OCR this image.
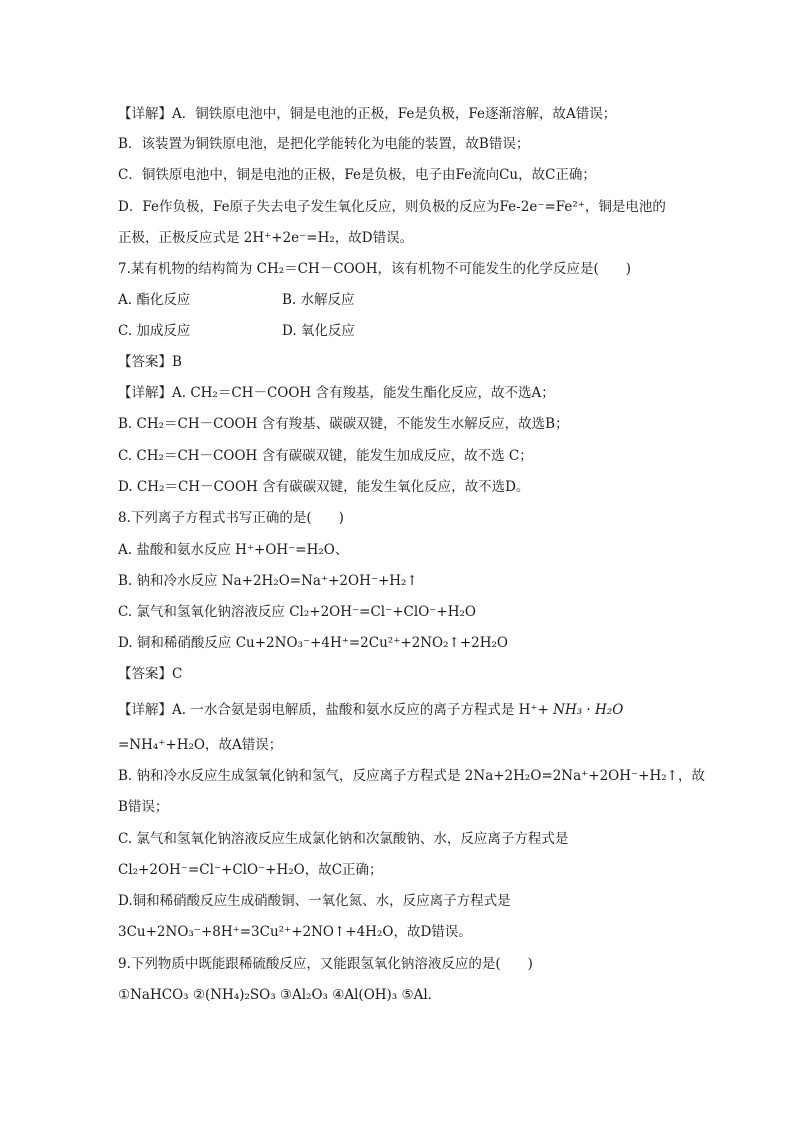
【详解】A．铜铁原电池中，铜是电池的正极，Fe是负极，Fe逐渐溶解，故A错误；
B．该装置为铜铁原电池，是把化学能转化为电能的装置，故B错误；
C．铜铁原电池中，铜是电池的正极，Fe是负极，电子由Fe流向Cu，故C正确；
D．Fe作负极，Fe原子失去电子发生氧化反应，则负极的反应为Fe-2e⁻=Fe²⁺，铜是电池的
正极，正极反应式是 2H⁺+2e⁻=H₂，故D错误。
7.某有机物的结构简为 CH₂＝CH－COOH，该有机物不可能发生的化学反应是(　　)
A. 酯化反应	B. 水解反应
C. 加成反应	D. 氧化反应
【答案】B
【详解】A. CH₂＝CH－COOH 含有羧基，能发生酯化反应，故不选A；
B. CH₂＝CH－COOH 含有羧基、碳碳双键，不能发生水解反应，故选B；
C. CH₂＝CH－COOH 含有碳碳双键，能发生加成反应，故不选 C；
D. CH₂＝CH－COOH 含有碳碳双键，能发生氧化反应，故不选D。
8.下列离子方程式书写正确的是(　　)
A. 盐酸和氨水反应 H⁺+OH⁻=H₂O、
B. 钠和冷水反应 Na+2H₂O=Na⁺+2OH⁻+H₂↑
C. 氯气和氢氧化钠溶液反应 Cl₂+2OH⁻=Cl⁻+ClO⁻+H₂O
D. 铜和稀硝酸反应 Cu+2NO₃⁻+4H⁺=2Cu²⁺+2NO₂↑+2H₂O
【答案】C
【详解】A. 一水合氨是弱电解质，盐酸和氨水反应的离子方程式是 H⁺+ NH₃ · H₂O
=NH₄⁺+H₂O，故A错误；
B. 钠和冷水反应生成氢氧化钠和氢气，反应离子方程式是 2Na+2H₂O=2Na⁺+2OH⁻+H₂↑，故
B错误；
C. 氯气和氢氧化钠溶液反应生成氯化钠和次氯酸钠、水，反应离子方程式是
Cl₂+2OH⁻=Cl⁻+ClO⁻+H₂O，故C正确；
D.铜和稀硝酸反应生成硝酸铜、一氧化氮、水，反应离子方程式是
3Cu+2NO₃⁻+8H⁺=3Cu²⁺+2NO↑+4H₂O，故D错误。
9.下列物质中既能跟稀硫酸反应，又能跟氢氧化钠溶液反应的是(　　)
①NaHCO₃ ②(NH₄)₂SO₃ ③Al₂O₃ ④Al(OH)₃ ⑤Al．
